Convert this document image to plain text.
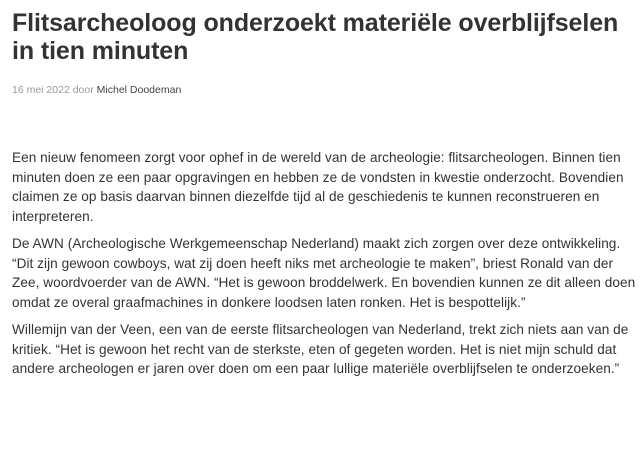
Flitsarcheoloog onderzoekt materiële overblijfselen in tien minuten
16 mei 2022 door Michel Doodeman

Een nieuw fenomeen zorgt voor ophef in de wereld van de archeologie: flitsarcheologen. Binnen tien minuten doen ze een paar opgravingen en hebben ze de vondsten in kwestie onderzocht. Bovendien claimen ze op basis daarvan binnen diezelfde tijd al de geschiedenis te kunnen reconstrueren en interpreteren.

De AWN (Archeologische Werkgemeenschap Nederland) maakt zich zorgen over deze ontwikkeling. “Dit zijn gewoon cowboys, wat zij doen heeft niks met archeologie te maken”, briest Ronald van der Zee, woordvoerder van de AWN. “Het is gewoon broddelwerk. En bovendien kunnen ze dit alleen doen omdat ze overal graafmachines in donkere loodsen laten ronken. Het is bespottelijk.”

Willemijn van der Veen, een van de eerste flitsarcheologen van Nederland, trekt zich niets aan van de kritiek. “Het is gewoon het recht van de sterkste, eten of gegeten worden. Het is niet mijn schuld dat andere archeologen er jaren over doen om een paar lullige materiële overblijfselen te onderzoeken.”
